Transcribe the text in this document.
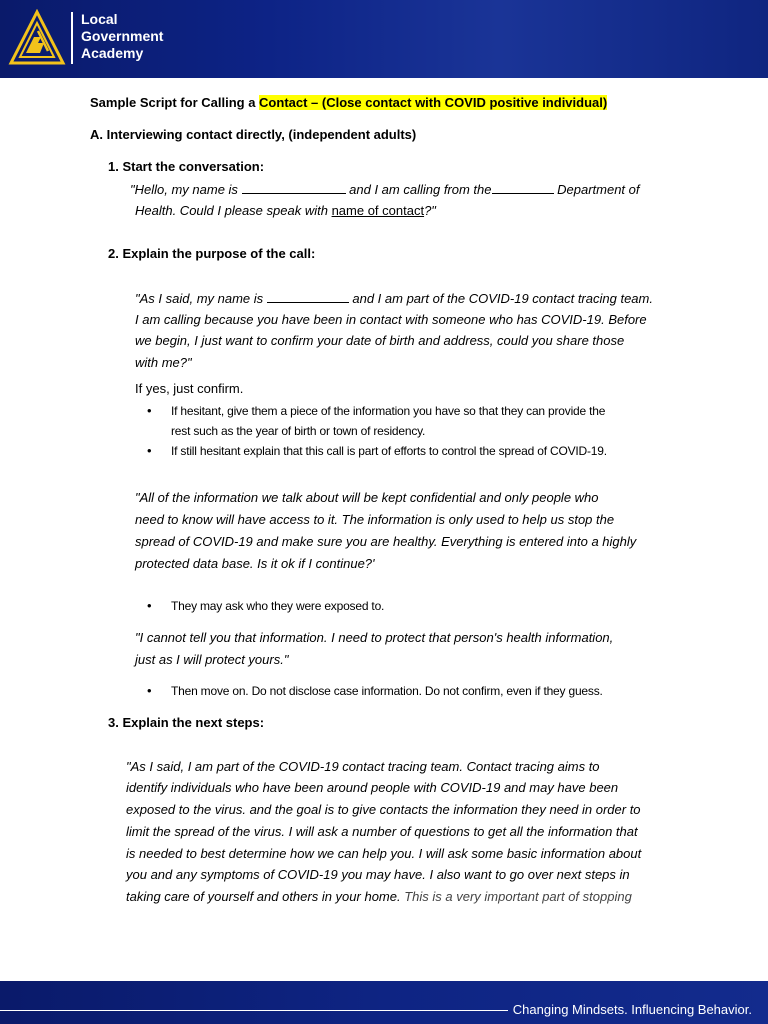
Local
Government
Academy
Sample Script for Calling a Contact – (Close contact with COVID positive individual)
A. Interviewing contact directly, (independent adults)
1. Start the conversation:
"Hello, my name is	and I am calling from the	Department of
Health. Could I please speak with name of contact?"
2. Explain the purpose of the call:
"As I said, my name is	and I am part of the COVID-19 contact tracing team.
I am calling because you have been in contact with someone who has COVID-19. Before
we begin, I just want to confirm your date of birth and address, could you share those
with me?"
If yes, just confirm.
• If hesitant, give them a piece of the information you have so that they can provide the
rest such as the year of birth or town of residency.
• If still hesitant explain that this call is part of efforts to control the spread of COVID-19.
"All of the information we talk about will be kept confidential and only people who
need to know will have access to it. The information is only used to help us stop the
spread of COVID-19 and make sure you are healthy. Everything is entered into a highly
protected data base. Is it ok if I continue?'
• They may ask who they were exposed to.
"I cannot tell you that information. I need to protect that person's health information,
just as I will protect yours."
• Then move on. Do not disclose case information. Do not confirm, even if they guess.
3. Explain the next steps:
"As I said, I am part of the COVID-19 contact tracing team. Contact tracing aims to
identify individuals who have been around people with COVID-19 and may have been
exposed to the virus. and the goal is to give contacts the information they need in order to
limit the spread of the virus. I will ask a number of questions to get all the information that
is needed to best determine how we can help you. I will ask some basic information about
you and any symptoms of COVID-19 you may have. I also want to go over next steps in
taking care of yourself and others in your home. This is a very important part of stopping
Changing Mindsets. Influencing Behavior.
